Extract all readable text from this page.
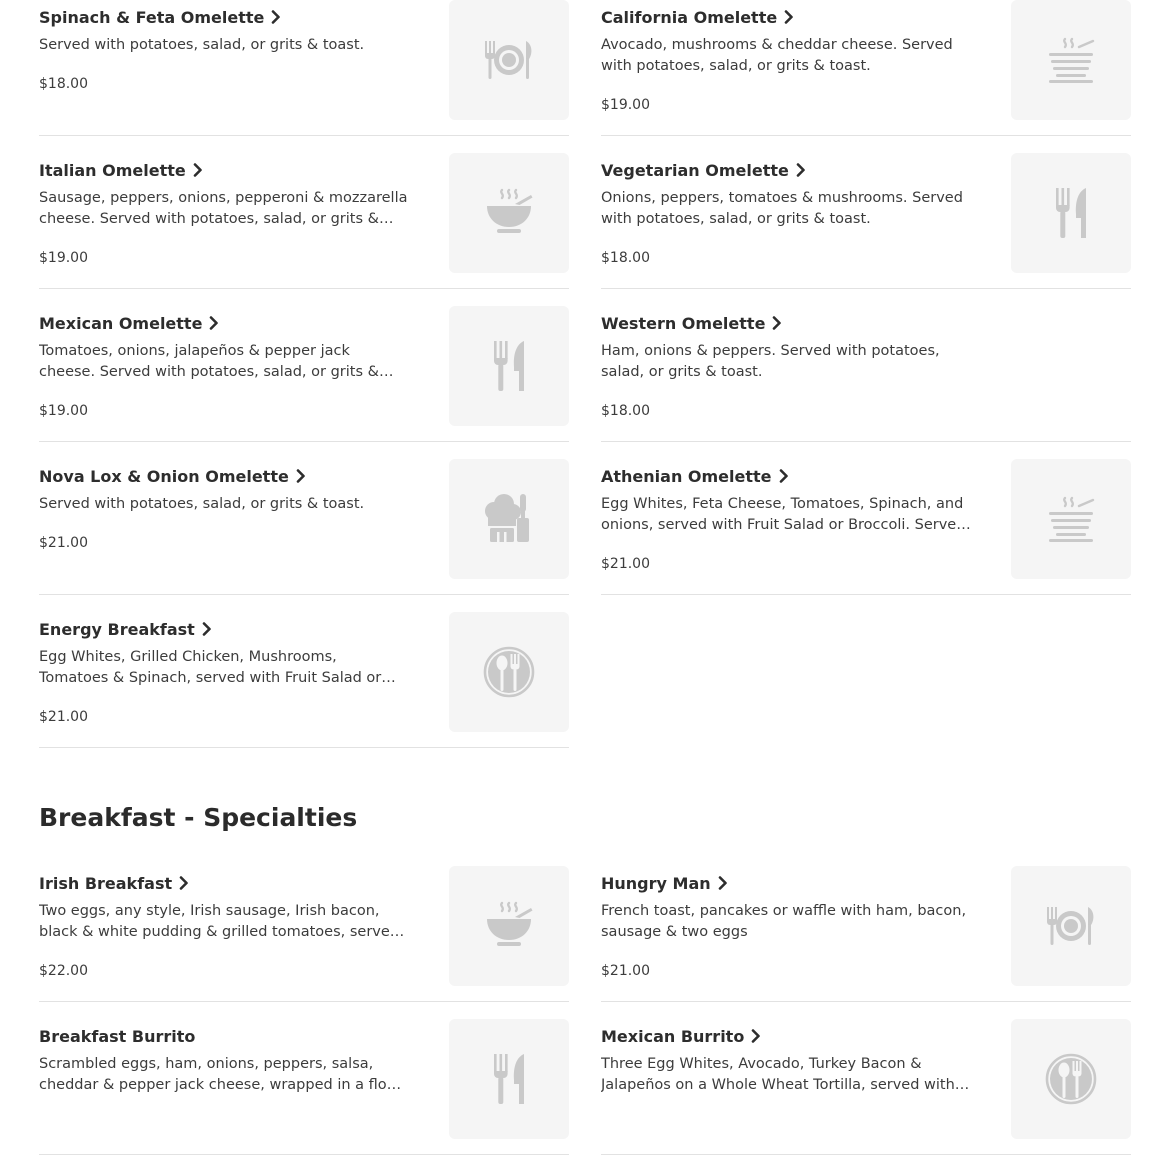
Spinach & Feta Omelette
Served with potatoes, salad, or grits & toast.
$18.00
California Omelette
Avocado, mushrooms & cheddar cheese. Served with potatoes, salad, or grits & toast.
$19.00
Italian Omelette
Sausage, peppers, onions, pepperoni & mozzarella cheese. Served with potatoes, salad, or grits &
$19.00
Vegetarian Omelette
Onions, peppers, tomatoes & mushrooms. Served with potatoes, salad, or grits & toast.
$18.00
Mexican Omelette
Tomatoes, onions, jalapeños & pepper jack cheese. Served with potatoes, salad, or grits &
$19.00
Western Omelette
Ham, onions & peppers. Served with potatoes, salad, or grits & toast.
$18.00
Nova Lox & Onion Omelette
Served with potatoes, salad, or grits & toast.
$21.00
Athenian Omelette
Egg Whites, Feta Cheese, Tomatoes, Spinach, and onions, served with Fruit Salad or Broccoli. Served
$21.00
Energy Breakfast
Egg Whites, Grilled Chicken, Mushrooms, Tomatoes & Spinach, served with Fruit Salad or
$21.00
Irish Breakfast
Two eggs, any style, Irish sausage, Irish bacon, black & white pudding & grilled tomatoes, served
$22.00
Hungry Man
French toast, pancakes or waffle with ham, bacon, sausage & two eggs
$21.00
Breakfast Burrito
Scrambled eggs, ham, onions, peppers, salsa, cheddar & pepper jack cheese, wrapped in a flour
Mexican Burrito
Three Egg Whites, Avocado, Turkey Bacon & Jalapeños on a Whole Wheat Tortilla, served with
Breakfast - Specialties
